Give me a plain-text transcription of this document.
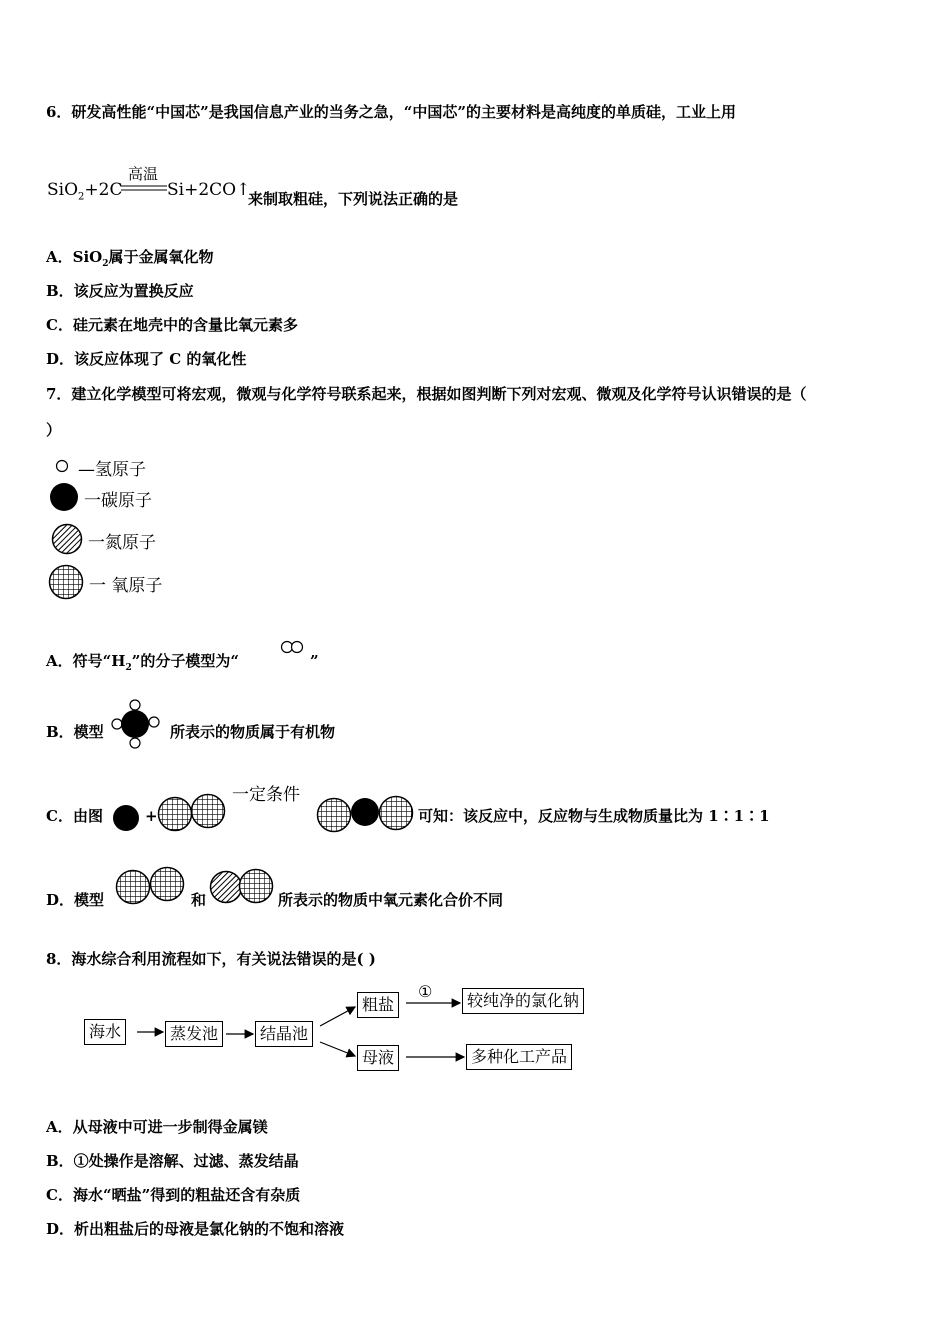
6．研发高性能“中国芯”是我国信息产业的当务之急，“中国芯”的主要材料是高纯度的单质硅，工业上用
SiO$_2$+2C
高温
Si+2CO↑
来制取粗硅，下列说法正确的是
A．SiO$_2$属于金属氧化物
B．该反应为置换反应
C．硅元素在地壳中的含量比氧元素多
D．该反应体现了 C 的氧化性
7．建立化学模型可将宏观，微观与化学符号联系起来，根据如图判断下列对宏观、微观及化学符号认识错误的是（
）
—氢原子
一碳原子
一氮原子
一 氧原子
A．符号“$H_2$”的分子模型为“	”
B．模型	所表示的物质属于有机物
C．由图	+
一定条件
可知：该反应中，反应物与生成物质量比为 1∶1∶1
D．模型	和	所表示的物质中氧元素化合价不同
8．海水综合利用流程如下，有关说法错误的是( )
海水	蒸发池	结晶池
粗盐
①	较纯净的氯化钠
母液	多种化工产品
A．从母液中可进一步制得金属镁
B．①处操作是溶解、过滤、蒸发结晶
C．海水“晒盐”得到的粗盐还含有杂质
D．析出粗盐后的母液是氯化钠的不饱和溶液
